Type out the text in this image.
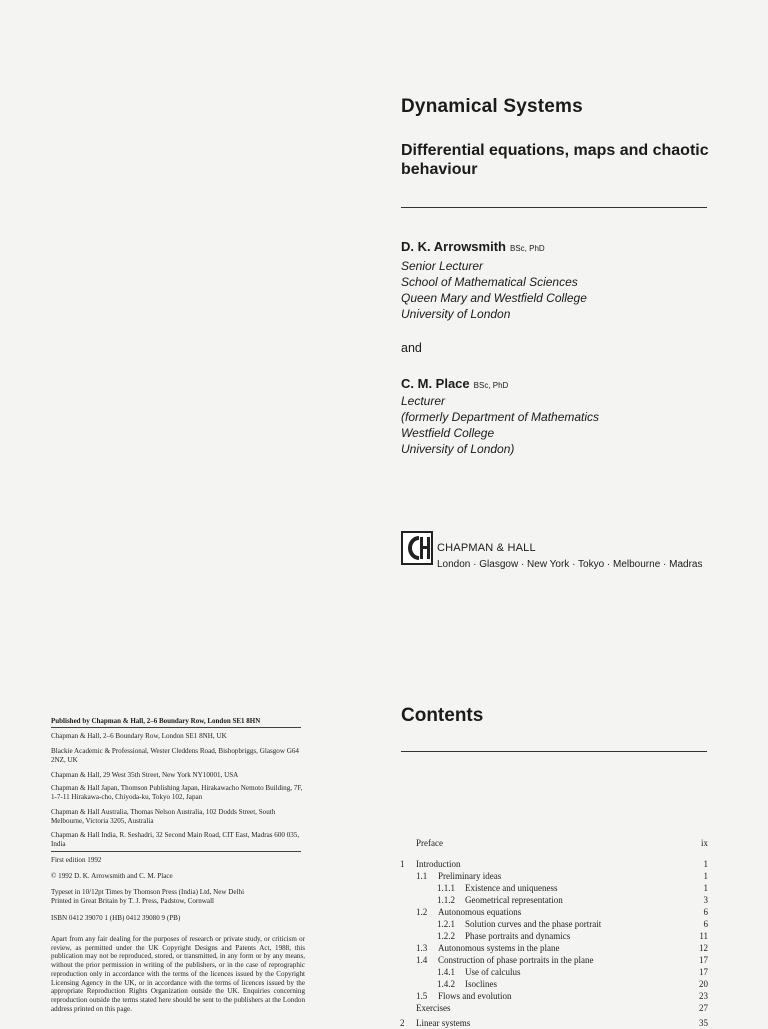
Dynamical Systems
Differential equations, maps and chaotic behaviour
D. K. Arrowsmith BSc, PhD
Senior Lecturer
School of Mathematical Sciences
Queen Mary and Westfield College
University of London
and
C. M. Place BSc, PhD
Lecturer
(formerly Department of Mathematics
Westfield College
University of London)
CHAPMAN & HALL
London · Glasgow · New York · Tokyo · Melbourne · Madras
Published by Chapman & Hall, 2–6 Boundary Row, London SE1 8HN
Chapman & Hall, 2–6 Boundary Row, London SE1 8NH, UK
Blackie Academic & Professional, Wester Cleddens Road, Bishopbriggs, Glasgow G64 2NZ, UK
Chapman & Hall, 29 West 35th Street, New York NY10001, USA
Chapman & Hall Japan, Thomson Publishing Japan, Hirakawacho Nemoto Building, 7F, 1-7-11 Hirakawa-cho, Chiyoda-ku, Tokyo 102, Japan
Chapman & Hall Australia, Thomas Nelson Australia, 102 Dodds Street, South Melbourne, Victoria 3205, Australia
Chapman & Hall India, R. Seshadri, 32 Second Main Road, CIT East, Madras 600 035, India
First edition 1992
© 1992 D. K. Arrowsmith and C. M. Place
Typeset in 10/12pt Times by Thomson Press (India) Ltd, New Delhi
Printed in Great Britain by T. J. Press, Padstow, Cornwall
ISBN 0412 39070 1 (HB) 0412 39080 9 (PB)
Apart from any fair dealing for the purposes of research or private study, or criticism or review, as permitted under the UK Copyright Designs and Patents Act, 1988, this publication may not be reproduced, stored, or transmitted, in any form or by any means, without the prior permission in writing of the publishers, or in the case of reprographic reproduction only in accordance with the terms of the licences issued by the Copyright Licensing Agency in the UK, or in accordance with the terms of licences issued by the appropriate Reproduction Rights Organization outside the UK. Enquiries concerning reproduction outside the terms stated here should be sent to the publishers at the London address printed on this page.
Contents
Preface	ix
1 Introduction	1
1.1 Preliminary ideas	1
1.1.1 Existence and uniqueness	1
1.1.2 Geometrical representation	3
1.2 Autonomous equations	6
1.2.1 Solution curves and the phase portrait	6
1.2.2 Phase portraits and dynamics	11
1.3 Autonomous systems in the plane	12
1.4 Construction of phase portraits in the plane	17
1.4.1 Use of calculus	17
1.4.2 Isoclines	20
1.5 Flows and evolution	23
Exercises	27
2 Linear systems	35
